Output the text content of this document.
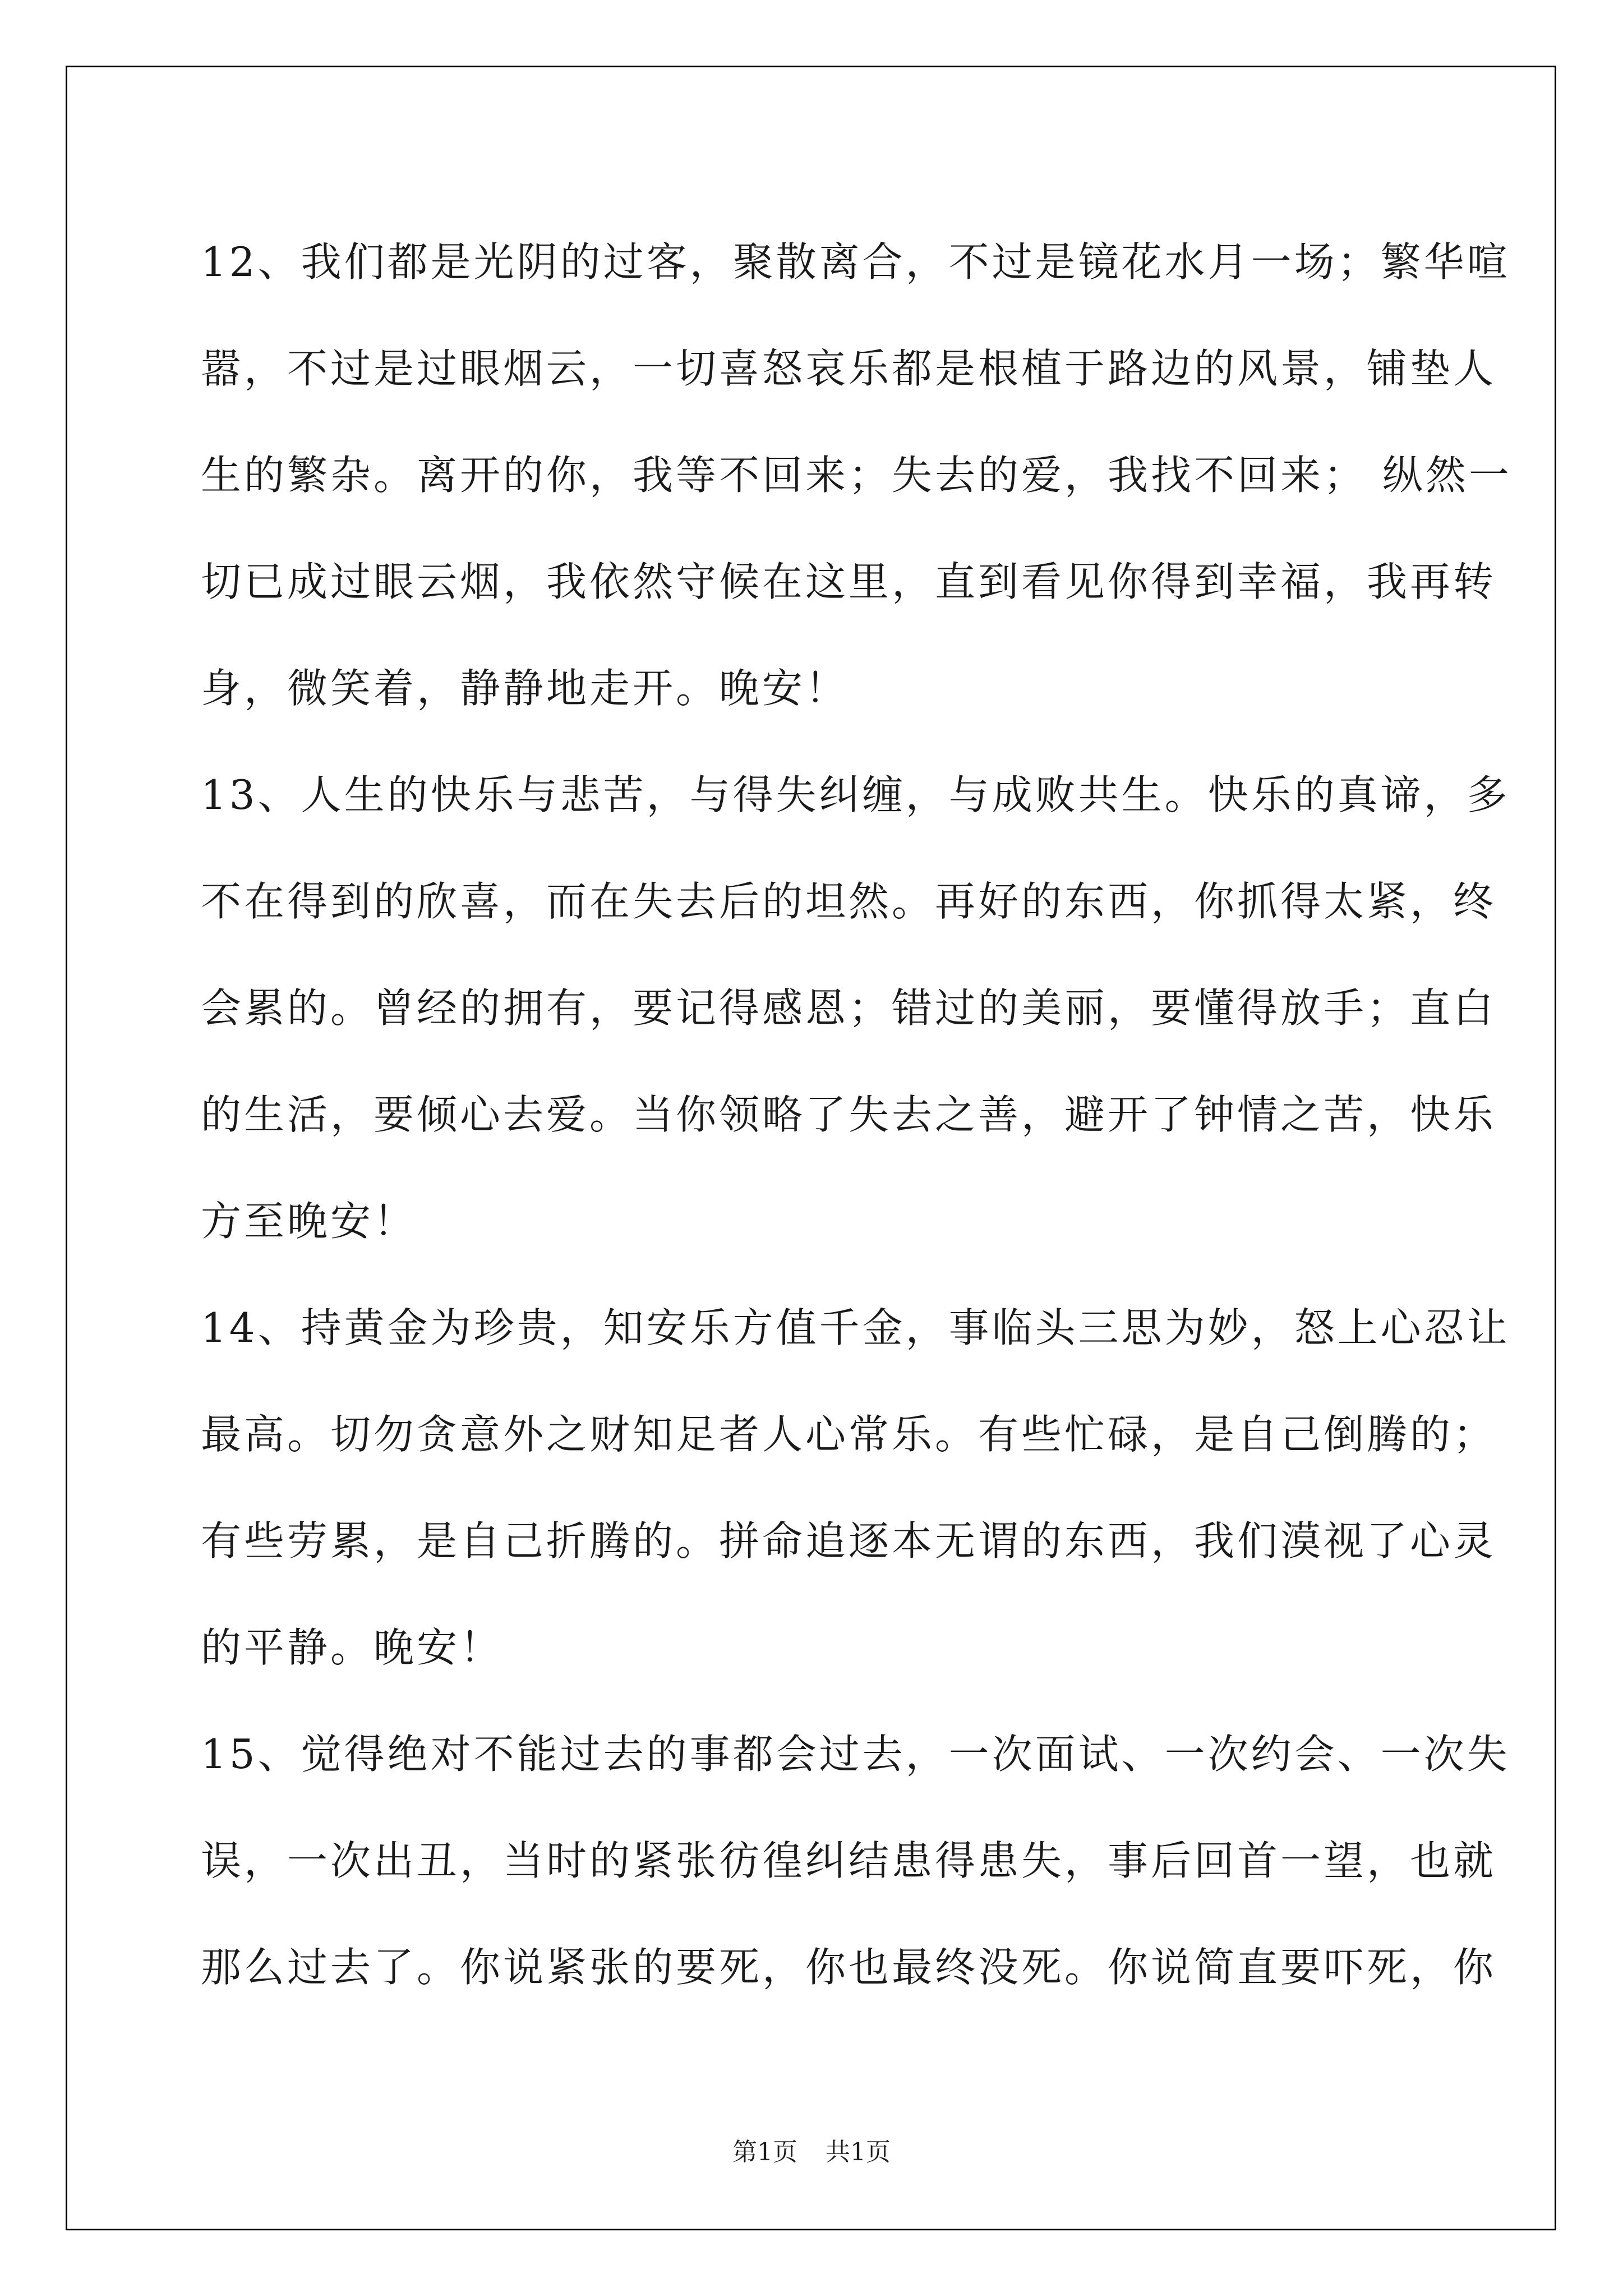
12、我们都是光阴的过客，聚散离合，不过是镜花水月一场；繁华喧
嚣，不过是过眼烟云，一切喜怒哀乐都是根植于路边的风景，铺垫人
生的繁杂。离开的你，我等不回来；失去的爱，我找不回来； 纵然一
切已成过眼云烟，我依然守候在这里，直到看见你得到幸福，我再转
身，微笑着，静静地走开。晚安！
13、人生的快乐与悲苦，与得失纠缠，与成败共生。快乐的真谛，多
不在得到的欣喜，而在失去后的坦然。再好的东西，你抓得太紧，终
会累的。曾经的拥有，要记得感恩；错过的美丽，要懂得放手；直白
的生活，要倾心去爱。当你领略了失去之善，避开了钟情之苦，快乐
方至晚安！
14、持黄金为珍贵，知安乐方值千金，事临头三思为妙，怒上心忍让
最高。切勿贪意外之财知足者人心常乐。有些忙碌，是自己倒腾的；
有些劳累，是自己折腾的。拼命追逐本无谓的东西，我们漠视了心灵
的平静。晚安！
15、觉得绝对不能过去的事都会过去，一次面试、一次约会、一次失
误，一次出丑，当时的紧张彷徨纠结患得患失，事后回首一望，也就
那么过去了。你说紧张的要死，你也最终没死。你说简直要吓死，你
第1页 共1页
